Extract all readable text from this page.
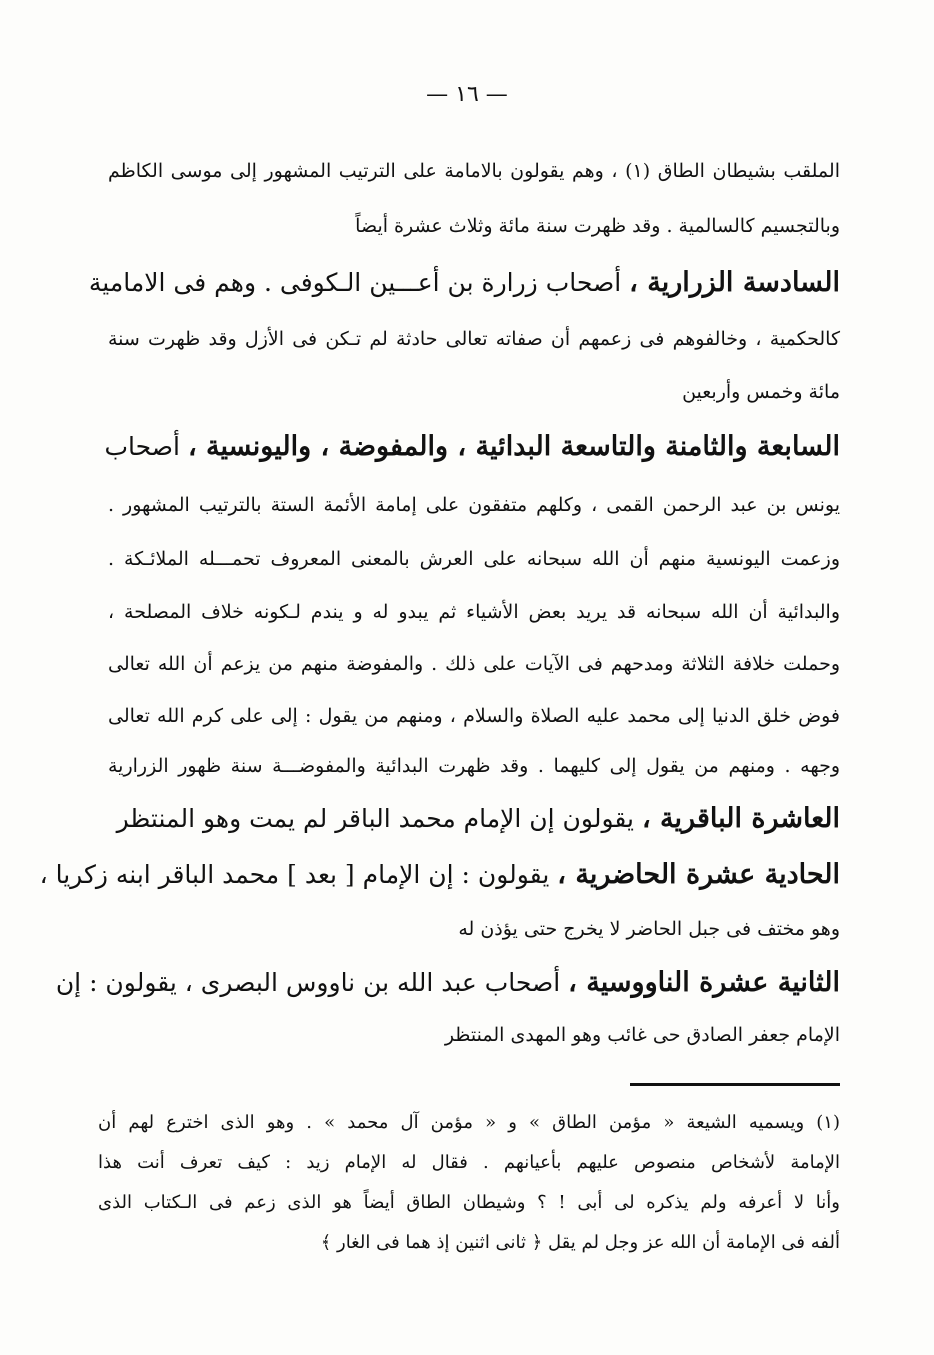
— ١٦ —
الملقب بشيطان الطاق (١) ، وهم يقولون بالامامة على الترتيب المشهور إلى موسى الكاظم
وبالتجسيم كالسالمية . وقد ظهرت سنة مائة وثلاث عشرة أيضاً
السادسة الزرارية ، أصحاب زرارة بن أعـــين الـكوفى . وهم فى الامامية
كالحكمية ، وخالفوهم فى زعمهم أن صفاته تعالى حادثة لم تـكن فى الأزل وقد ظهرت سنة
مائة وخمس وأربعين
السابعة والثامنة والتاسعة البدائية ، والمفوضة ، واليونسية ، أصحاب
يونس بن عبد الرحمن القمى ، وكلهم متفقون على إمامة الأئمة الستة بالترتيب المشهور .
وزعمت اليونسية منهم أن الله سبحانه على العرش بالمعنى المعروف تحمـــله الملائـكة .
والبدائية أن الله سبحانه قد يريد بعض الأشياء ثم يبدو له و يندم لـكونه خلاف المصلحة ،
وحملت خلافة الثلاثة ومدحهم فى الآيات على ذلك . والمفوضة منهم من يزعم أن الله تعالى
فوض خلق الدنيا إلى محمد عليه الصلاة والسلام ، ومنهم من يقول : إلى على كرم الله تعالى
وجهه . ومنهم من يقول إلى كليهما . وقد ظهرت البدائية والمفوضـــة سنة ظهور الزرارية
العاشرة الباقرية ، يقولون إن الإمام محمد الباقر لم يمت وهو المنتظر
الحادية عشرة الحاضرية ، يقولون : إن الإمام [ بعد ] محمد الباقر ابنه زكريا ،
وهو مختف فى جبل الحاضر لا يخرج حتى يؤذن له
الثانية عشرة الناووسية ، أصحاب عبد الله بن ناووس البصرى ، يقولون : إن
الإمام جعفر الصادق حى غائب وهو المهدى المنتظر
(١) ويسميه الشيعة « مؤمن الطاق » و « مؤمن آل محمد » . وهو الذى اخترع لهم أن
الإمامة لأشخاص منصوص عليهم بأعيانهم . فقال له الإمام زيد : كيف تعرف أنت هذا
وأنا لا أعرفه ولم يذكره لى أبى ! ؟ وشيطان الطاق أيضاً هو الذى زعم فى الـكتاب الذى
ألفه فى الإمامة أن الله عز وجل لم يقل ﴿ ثانى اثنين إذ هما فى الغار ﴾
